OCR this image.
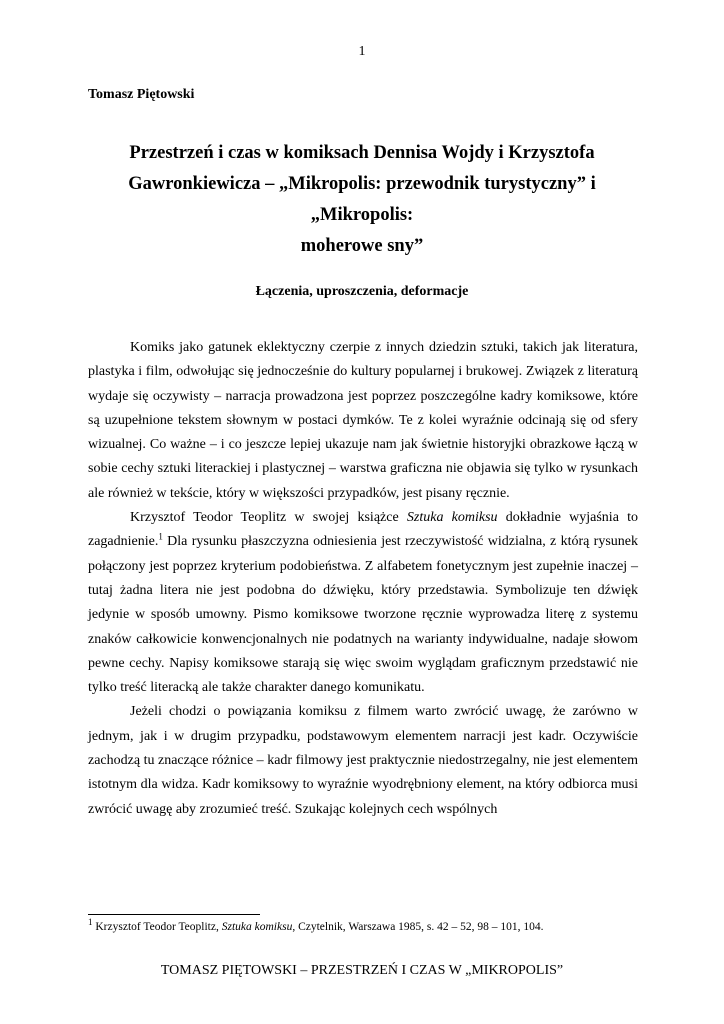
1
Tomasz Piętowski
Przestrzeń i czas w komiksach Dennisa Wojdy i Krzysztofa
Gawronkiewicza – „Mikropolis: przewodnik turystyczny” i „Mikropolis:
moherowe sny”
Łączenia, uproszczenia, deformacje

Komiks jako gatunek eklektyczny czerpie z innych dziedzin sztuki, takich jak literatura, plastyka i film, odwołując się jednocześnie do kultury popularnej i brukowej. Związek z literaturą wydaje się oczywisty – narracja prowadzona jest poprzez poszczególne kadry komiksowe, które są uzupełnione tekstem słownym w postaci dymków. Te z kolei wyraźnie odcinają się od sfery wizualnej. Co ważne – i co jeszcze lepiej ukazuje nam jak świetnie historyjki obrazkowe łączą w sobie cechy sztuki literackiej i plastycznej – warstwa graficzna nie objawia się tylko w rysunkach ale również w tekście, który w większości przypadków, jest pisany ręcznie.

Krzysztof Teodor Teoplitz w swojej książce Sztuka komiksu dokładnie wyjaśnia to zagadnienie.$^1$ Dla rysunku płaszczyzna odniesienia jest rzeczywistość widzialna, z którą rysunek połączony jest poprzez kryterium podobieństwa. Z alfabetem fonetycznym jest zupełnie inaczej – tutaj żadna litera nie jest podobna do dźwięku, który przedstawia. Symbolizuje ten dźwięk jedynie w sposób umowny. Pismo komiksowe tworzone ręcznie wyprowadza literę z systemu znaków całkowicie konwencjonalnych nie podatnych na warianty indywidualne, nadaje słowom pewne cechy. Napisy komiksowe starają się więc swoim wyglądam graficznym przedstawić nie tylko treść literacką ale także charakter danego komunikatu.

Jeżeli chodzi o powiązania komiksu z filmem warto zwrócić uwagę, że zarówno w jednym, jak i w drugim przypadku, podstawowym elementem narracji jest kadr. Oczywiście zachodzą tu znaczące różnice – kadr filmowy jest praktycznie niedostrzegalny, nie jest elementem istotnym dla widza. Kadr komiksowy to wyraźnie wyodrębniony element, na który odbiorca musi zwrócić uwagę aby zrozumieć treść. Szukając kolejnych cech wspólnych

$^1$ Krzysztof Teodor Teoplitz, Sztuka komiksu, Czytelnik, Warszawa 1985, s. 42 – 52, 98 – 101, 104.
TOMASZ PIĘTOWSKI – PRZESTRZEŃ I CZAS W „MIKROPOLIS”
